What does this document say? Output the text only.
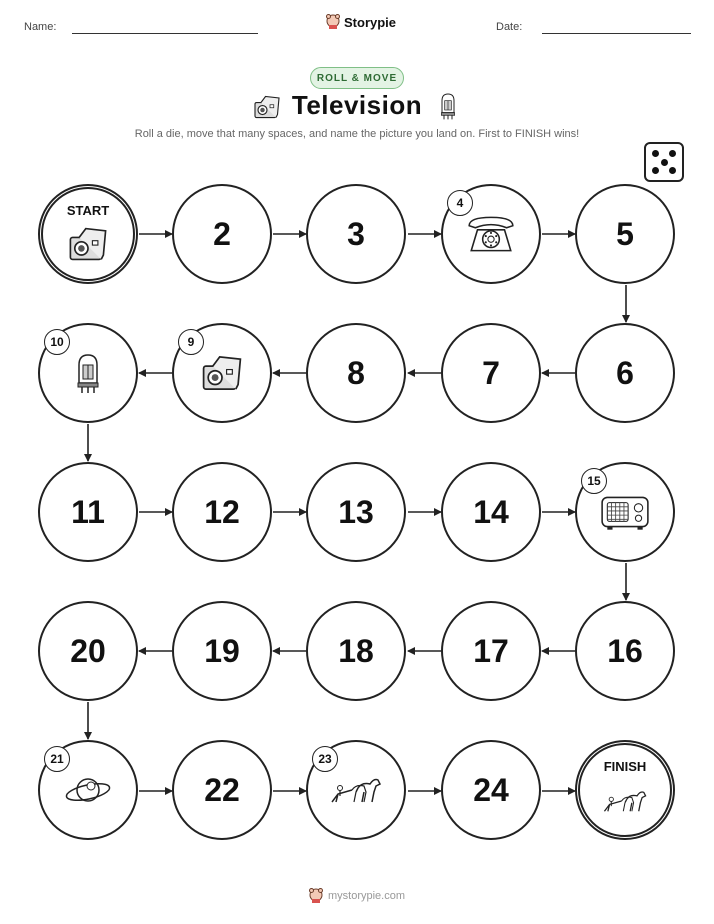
Name:	Storypie	Date:
ROLL & MOVE
Television
Roll a die, move that many spaces, and name the picture you land on. First to FINISH wins!
START
2	3
4
5
10	9
8	7	6
11	12	13	14
15
20	19	18	17	16
21
22
23
24
FINISH
mystorypie.com
